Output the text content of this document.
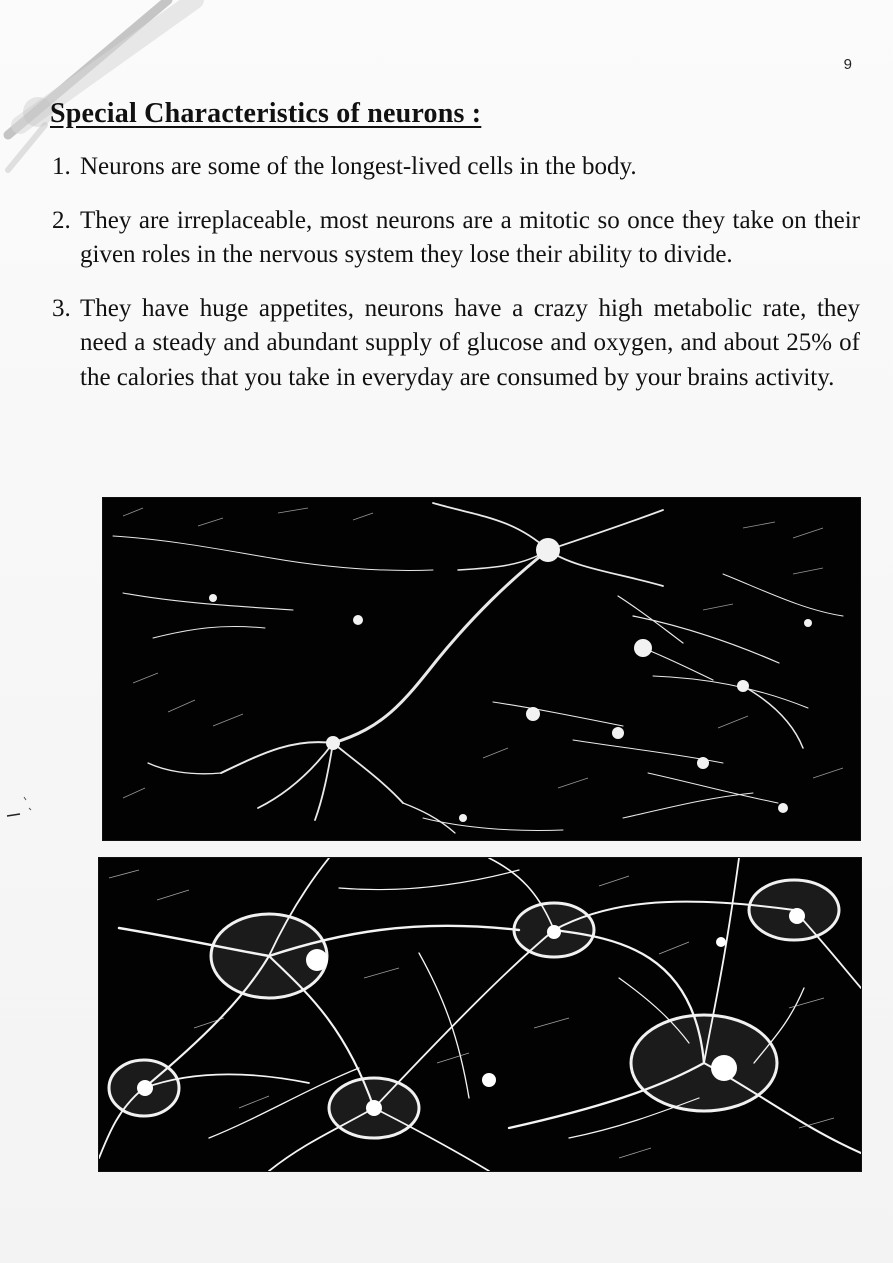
9
Special Characteristics of neurons :
1. Neurons are some of the longest-lived cells in the body.
2. They are irreplaceable, most neurons are a mitotic so once they take on their given roles in the nervous system they lose their ability to divide.
3. They have huge appetites, neurons have a crazy high metabolic rate, they need a steady and abundant supply of glucose and oxygen, and about 25% of the calories that you take in everyday are consumed by your brains activity.
